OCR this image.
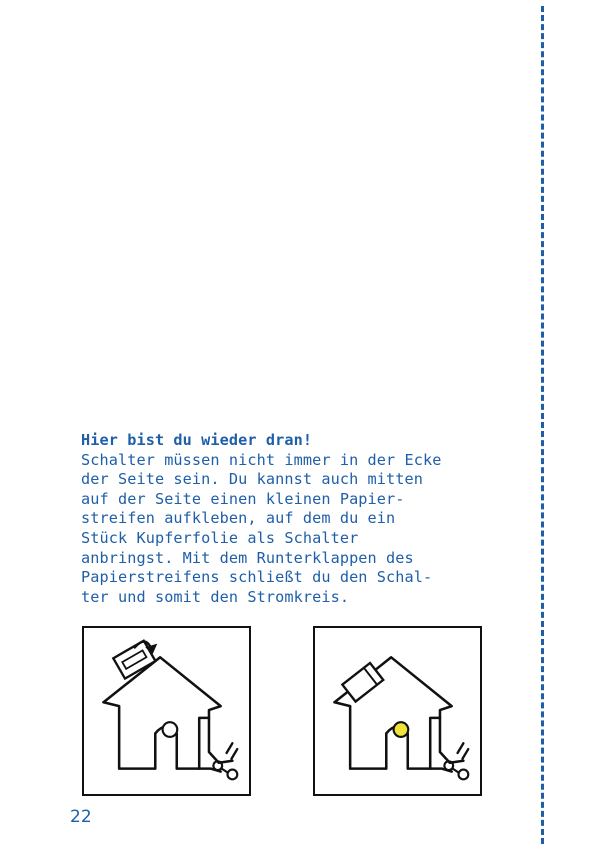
Hier bist du wieder dran!
Schalter müssen nicht immer in der Ecke
der Seite sein. Du kannst auch mitten
auf der Seite einen kleinen Papier-
streifen aufkleben, auf dem du ein
Stück Kupferfolie als Schalter
anbringst. Mit dem Runterklappen des
Papierstreifens schließt du den Schal-
ter und somit den Stromkreis.
22
